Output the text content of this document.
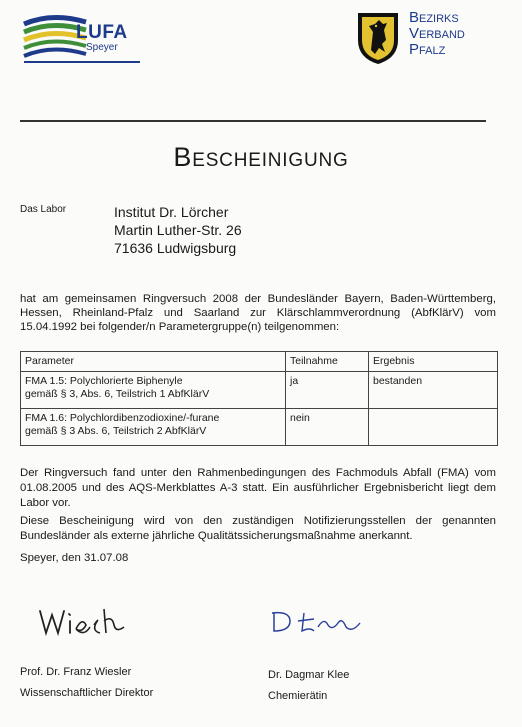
LUFA
Speyer
Bezirks
Verband
Pfalz
Bescheinigung
Das Labor	Institut Dr. Lörcher
Martin Luther-Str. 26
71636 Ludwigsburg
hat am gemeinsamen Ringversuch 2008 der Bundesländer Bayern, Baden-Württemberg, Hessen, Rheinland-Pfalz und Saarland zur Klärschlammverordnung (AbfKlärV) vom 15.04.1992 bei folgender/n Parametergruppe(n) teilgenommen:
Parameter	Teilnahme	Ergebnis

FMA 1.5: Polychlorierte Biphenyle
gemäß § 3, Abs. 6, Teilstrich 1 AbfKlärV	ja	bestanden

FMA 1.6: Polychlordibenzodioxine/-furane
gemäß § 3 Abs. 6, Teilstrich 2 AbfKlärV	nein	
Der Ringversuch fand unter den Rahmenbedingungen des Fachmoduls Abfall (FMA) vom 01.08.2005 und des AQS-Merkblattes A-3 statt. Ein ausführlicher Ergebnisbericht liegt dem Labor vor.
Diese Bescheinigung wird von den zuständigen Notifizierungsstellen der genannten Bundesländer als externe jährliche Qualitätssicherungsmaßnahme anerkannt.
Speyer, den 31.07.08
Prof. Dr. Franz Wiesler
Wissenschaftlicher Direktor
Dr. Dagmar Klee
Chemierätin
